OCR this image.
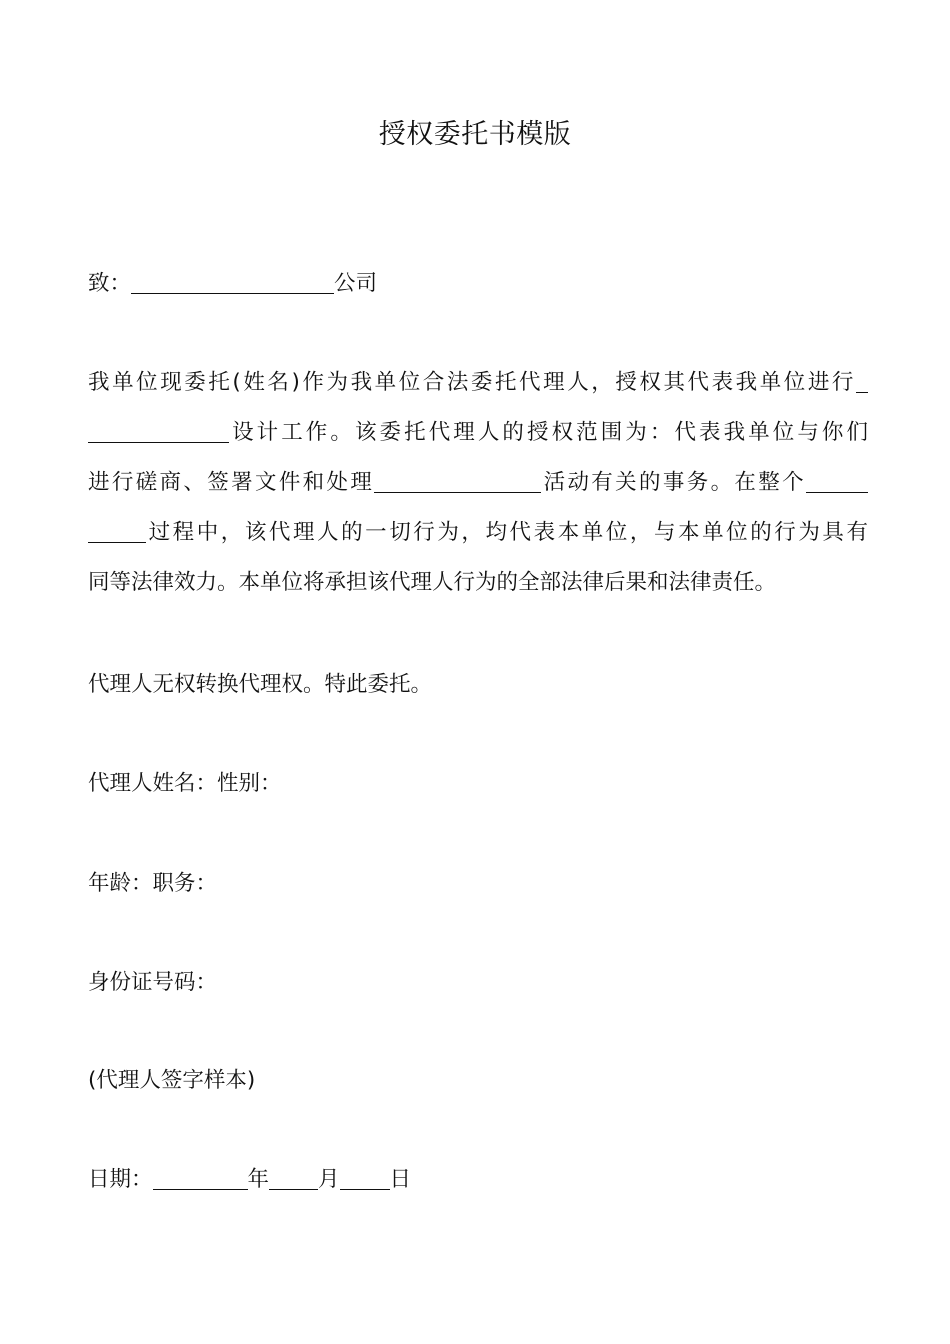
授权委托书模版
致：	公司
我单位现委托(姓名)作为我单位合法委托代理人，授权其代表我单位进行
设计工作。该委托代理人的授权范围为：代表我单位与你们
进行磋商、签署文件和处理	活动有关的事务。在整个
过程中，该代理人的一切行为，均代表本单位，与本单位的行为具有
同等法律效力。本单位将承担该代理人行为的全部法律后果和法律责任。
代理人无权转换代理权。特此委托。
代理人姓名：性别：
年龄：职务：
身份证号码：
(代理人签字样本)
日期：	年 月 日
